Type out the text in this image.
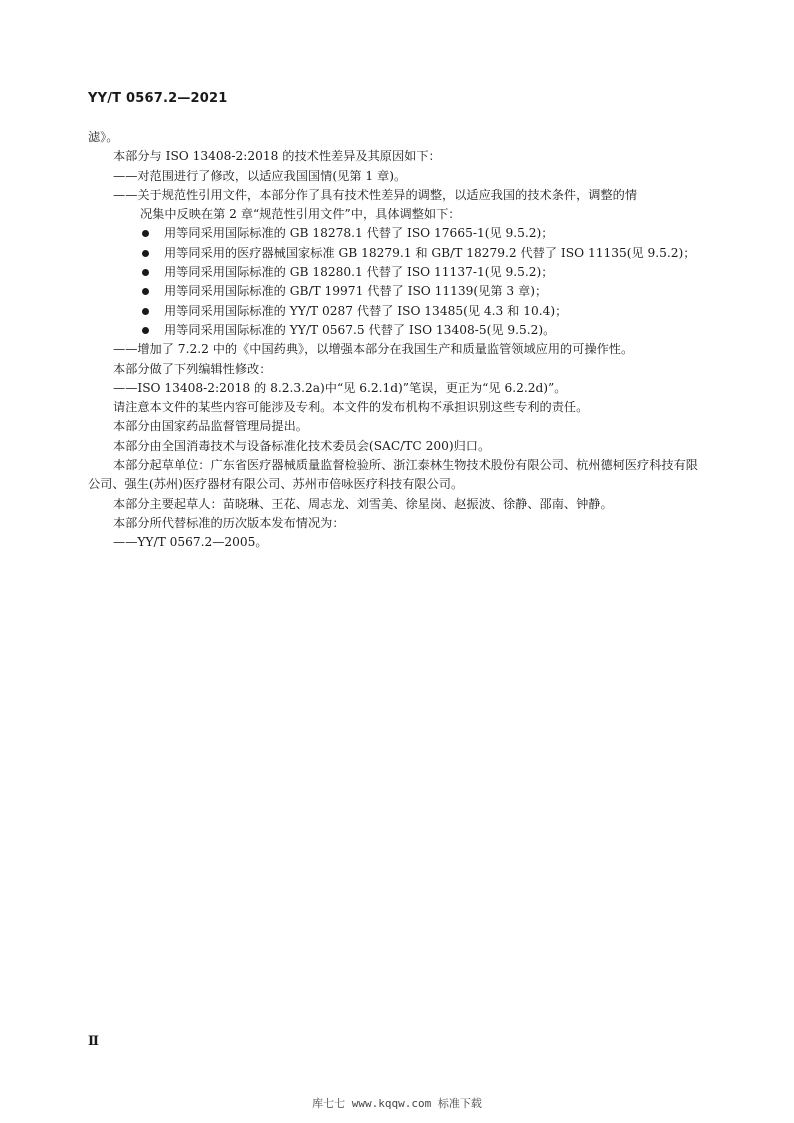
YY/T 0567.2—2021

滤》。

本部分与 ISO 13408-2:2018 的技术性差异及其原因如下：

——对范围进行了修改，以适应我国国情(见第 1 章)。

——关于规范性引用文件，本部分作了具有技术性差异的调整，以适应我国的技术条件，调整的情

况集中反映在第 2 章“规范性引用文件”中，具体调整如下：

用等同采用国际标准的 GB 18278.1 代替了 ISO 17665-1(见 9.5.2)；

用等同采用的医疗器械国家标准 GB 18279.1 和 GB/T 18279.2 代替了 ISO 11135(见 9.5.2)；

用等同采用国际标准的 GB 18280.1 代替了 ISO 11137-1(见 9.5.2)；

用等同采用国际标准的 GB/T 19971 代替了 ISO 11139(见第 3 章)；

用等同采用国际标准的 YY/T 0287 代替了 ISO 13485(见 4.3 和 10.4)；

用等同采用国际标准的 YY/T 0567.5 代替了 ISO 13408-5(见 9.5.2)。

——增加了 7.2.2 中的《中国药典》，以增强本部分在我国生产和质量监管领域应用的可操作性。

本部分做了下列编辑性修改：

——ISO 13408-2:2018 的 8.2.3.2a)中“见 6.2.1d)”笔误，更正为“见 6.2.2d)”。

请注意本文件的某些内容可能涉及专利。本文件的发布机构不承担识别这些专利的责任。

本部分由国家药品监督管理局提出。

本部分由全国消毒技术与设备标准化技术委员会(SAC/TC 200)归口。

本部分起草单位：广东省医疗器械质量监督检验所、浙江泰林生物技术股份有限公司、杭州德柯医疗科技有限公司、强生(苏州)医疗器材有限公司、苏州市倍咏医疗科技有限公司。

本部分主要起草人：苗晓琳、王花、周志龙、刘雪美、徐星岗、赵振波、徐静、邵南、钟静。

本部分所代替标准的历次版本发布情况为：

——YY/T 0567.2—2005。

Ⅱ
库七七 www.kqqw.com 标准下载
